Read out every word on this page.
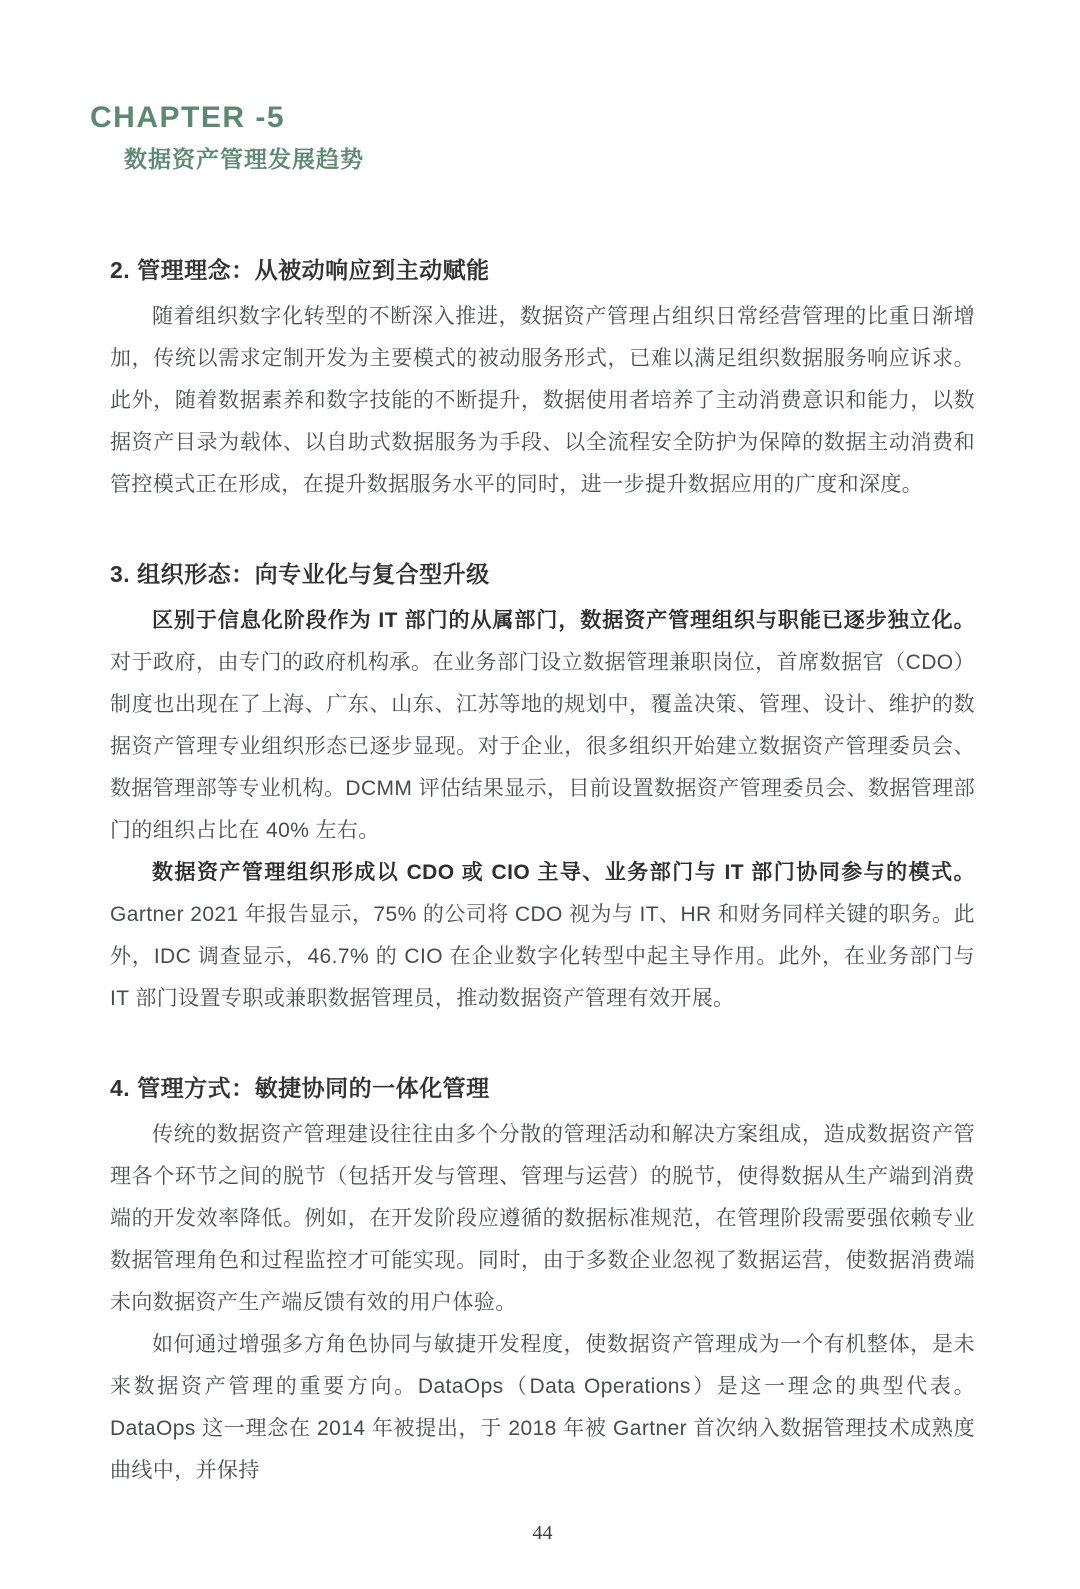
CHAPTER -5
数据资产管理发展趋势
2. 管理理念：从被动响应到主动赋能

随着组织数字化转型的不断深入推进，数据资产管理占组织日常经营管理的比重日渐增加，传统以需求定制开发为主要模式的被动服务形式，已难以满足组织数据服务响应诉求。此外，随着数据素养和数字技能的不断提升，数据使用者培养了主动消费意识和能力，以数据资产目录为载体、以自助式数据服务为手段、以全流程安全防护为保障的数据主动消费和管控模式正在形成，在提升数据服务水平的同时，进一步提升数据应用的广度和深度。

3. 组织形态：向专业化与复合型升级

区别于信息化阶段作为 IT 部门的从属部门，数据资产管理组织与职能已逐步独立化。对于政府，由专门的政府机构承。在业务部门设立数据管理兼职岗位，首席数据官（CDO）制度也出现在了上海、广东、山东、江苏等地的规划中，覆盖决策、管理、设计、维护的数据资产管理专业组织形态已逐步显现。对于企业，很多组织开始建立数据资产管理委员会、数据管理部等专业机构。DCMM 评估结果显示，目前设置数据资产管理委员会、数据管理部门的组织占比在 40% 左右。

数据资产管理组织形成以 CDO 或 CIO 主导、业务部门与 IT 部门协同参与的模式。Gartner 2021 年报告显示，75% 的公司将 CDO 视为与 IT、HR 和财务同样关键的职务。此外，IDC 调查显示，46.7% 的 CIO 在企业数字化转型中起主导作用。此外，在业务部门与 IT 部门设置专职或兼职数据管理员，推动数据资产管理有效开展。

4. 管理方式：敏捷协同的一体化管理

传统的数据资产管理建设往往由多个分散的管理活动和解决方案组成，造成数据资产管理各个环节之间的脱节（包括开发与管理、管理与运营）的脱节，使得数据从生产端到消费端的开发效率降低。例如，在开发阶段应遵循的数据标准规范，在管理阶段需要强依赖专业数据管理角色和过程监控才可能实现。同时，由于多数企业忽视了数据运营，使数据消费端未向数据资产生产端反馈有效的用户体验。

如何通过增强多方角色协同与敏捷开发程度，使数据资产管理成为一个有机整体，是未来数据资产管理的重要方向。DataOps（Data Operations）是这一理念的典型代表。DataOps 这一理念在 2014 年被提出，于 2018 年被 Gartner 首次纳入数据管理技术成熟度曲线中，并保持

44
